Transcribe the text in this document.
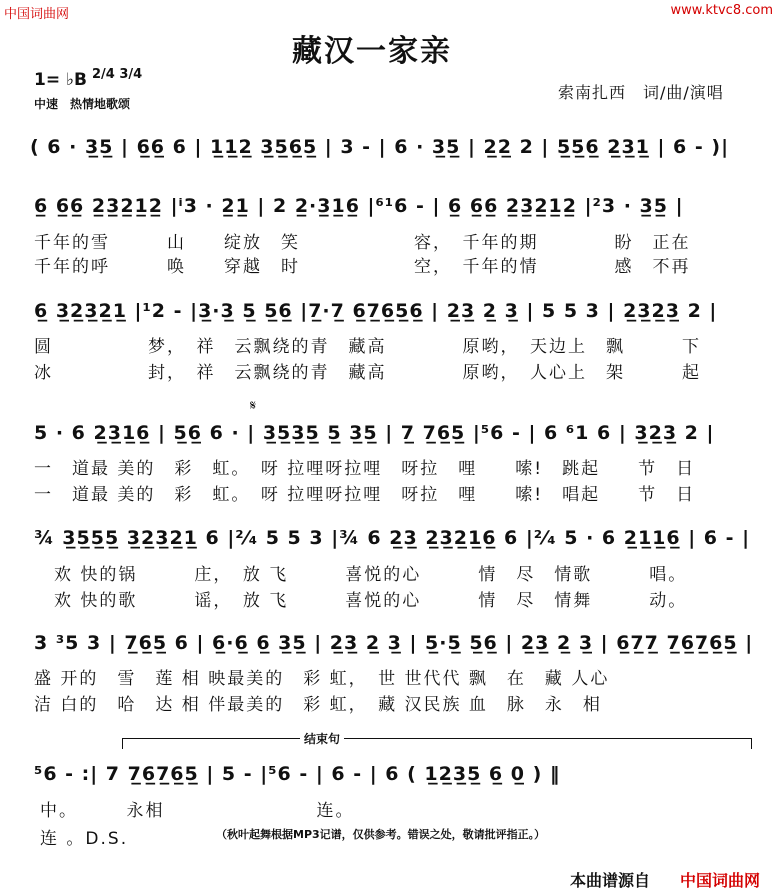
中国词曲网	www.ktvc8.com
藏汉一家亲
1= ♭B 2/4 3/4
中速　热情地歌颂
索南扎西　词/曲/演唱
( 6 · 3̲5̲ | 6̲6̲ 6 | 1̲1̲2̲ 3̲5̲6̲5̲ | 3 - | 6 · 3̲5̲ | 2̲2̲ 2 | 5̲5̲6̲ 2̲3̲1̲ | 6 - )|
6̲ 6̲6̲ 2̲3̲2̲1̲2̲ |ⁱ3 · 2̲1̲ | 2 2̲·3̲1̲6̲ |⁶¹6 - | 6̲ 6̲6̲ 2̲3̲2̲1̲2̲ |²3 · 3̲5̲ |
千年的雪　　　山　　绽放　笑　　　　　　容，　千年的期　　　　盼　正在
千年的呼　　　唤　　穿越　时　　　　　　空，　千年的情　　　　感　不再
6̲ 3̲2̲3̲2̲1̲ |¹2 - |3̲·3̲ 5̲ 5̲6̲ |7̲·7̲ 6̲7̲6̲5̲6̲ | 2̲3̲ 2̲ 3̲ | 5 5 3 | 2̲3̲2̲3̲ 2 |
圆　　　　　梦，　祥　云飘绕的青　藏高　　　　原哟，　天边上　飘　　　下
冰　　　　　封，　祥　云飘绕的青　藏高　　　　原哟，　人心上　架　　　起
𝄋
5 · 6 2̲3̲1̲6̲ | 5̲6̲ 6 · | 3̲5̲3̲5̲ 5̲ 3̲5̲ | 7̲ 7̲6̲5̲ |⁵6 - | 6 ⁶1 6 | 3̲2̲3̲ 2 |
一　道最 美的　彩　虹。　呀 拉哩呀拉哩　呀拉　哩　　嗦!　跳起　　节　日
一　道最 美的　彩　虹。　呀 拉哩呀拉哩　呀拉　哩　　嗦!　唱起　　节　日
¾ 3̲5̲5̲5̲ 3̲2̲3̲2̲1̲ 6 |²⁄₄ 5 5 3 |¾ 6 2̲3̲ 2̲3̲2̲1̲6̲ 6 |²⁄₄ 5 · 6 2̲1̲1̲6̲ | 6 - |
欢 快的锅　　　庄，　放 飞　　　喜悦的心　　　情　尽　情歌　　　唱。
欢 快的歌　　　谣，　放 飞　　　喜悦的心　　　情　尽　情舞　　　动。
3 ³5 3 | 7̲6̲5̲ 6 | 6̲·6̲ 6̲ 3̲5̲ | 2̲3̲ 2̲ 3̲ | 5̲·5̲ 5̲6̲ | 2̲3̲ 2̲ 3̲ | 6̲7̲7̲ 7̲6̲7̲6̲5̲ |
盛 开的　雪　莲 相 映最美的　彩 虹，　世 世代代 飘　在　藏 人心
洁 白的　哈　达 相 伴最美的　彩 虹，　藏 汉民族 血　脉　永　相
结束句
⁵6 - :| 7 7̲6̲7̲6̲5̲ | 5 - |⁵6 - | 6 - | 6 ( 1̲2̲3̲5̲ 6̲ 0̲ ) ‖
中。　　　永相　　　　　　　　连。
连 。D.S.	（秋叶起舞根据MP3记谱，仅供参考。错误之处，敬请批评指正。）
本曲谱源自 中国词曲网
